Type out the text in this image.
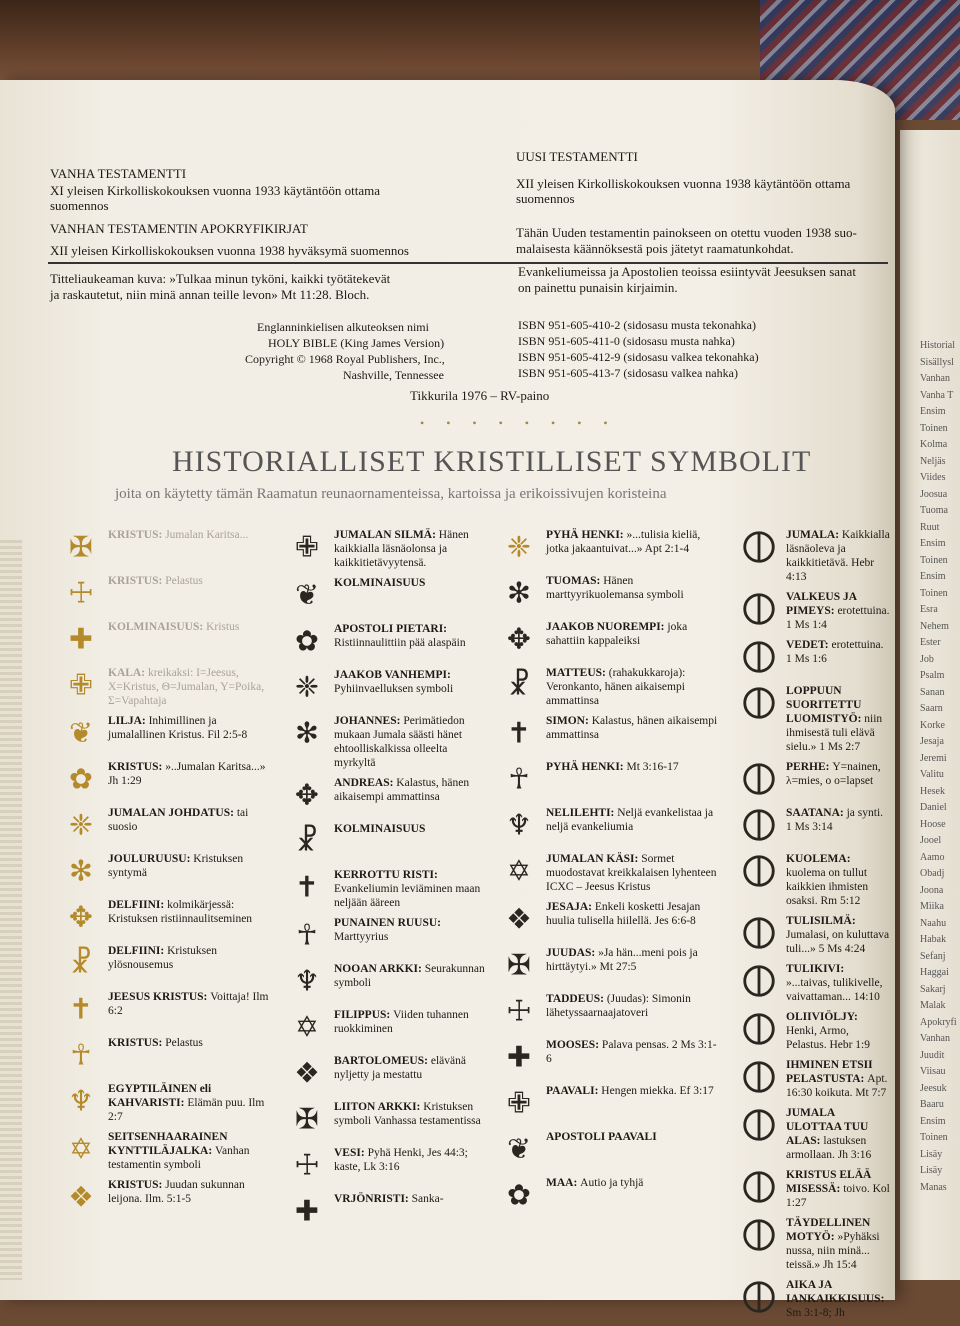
Historial
Sisällysl
Vanhan
Vanha T
Ensim
Toinen
Kolma
Neljäs
Viides
Joosua
Tuoma
Ruut
Ensim
Toinen
Ensim
Toinen
Esra
Nehem
Ester
Job
Psalm
Sanan
Saarn
Korke
Jesaja
Jeremi
Valitu
Hesek
Daniel
Hoose
Jooel
Aamo
Obadj
Joona
Miika
Naahu
Habak
Sefanj
Haggai
Sakarj
Malak
Apokryfi
Vanhan
Juudit
Viisau
Jeesuk
Baaru
Ensim
Toinen
Lisäy
Lisäy
Manas
VANHA TESTAMENTTI
XI yleisen Kirkolliskokouksen vuonna 1933 käytäntöön ottama
suomennos
VANHAN TESTAMENTIN APOKRYFIKIRJAT
XII yleisen Kirkolliskokouksen vuonna 1938 hyväksymä suomennos
UUSI TESTAMENTTI
XII yleisen Kirkolliskokouksen vuonna 1938 käytäntöön ottama
suomennos
Tähän Uuden testamentin painokseen on otettu vuoden 1938 suo-
malaisesta käännöksestä pois jätetyt raamatunkohdat.
Titteliaukeaman kuva: »Tulkaa minun tyköni, kaikki työtätekevät
ja raskautetut, niin minä annan teille levon» Mt 11:28. Bloch.
Englanninkielisen alkuteoksen nimi
HOLY BIBLE (King James Version)
Copyright © 1968 Royal Publishers, Inc.,
Nashville, Tennessee
Evankeliumeissa ja Apostolien teoissa esiintyvät Jeesuksen sanat
on painettu punaisin kirjaimin.
ISBN 951-605-410-2 (sidosasu musta tekonahka)
ISBN 951-605-411-0 (sidosasu musta nahka)
ISBN 951-605-412-9 (sidosasu valkea tekonahka)
ISBN 951-605-413-7 (sidosasu valkea nahka)
Tikkurila 1976 – RV-paino
••••••••
HISTORIALLISET KRISTILLISET SYMBOLIT
joita on käytetty tämän Raamatun reunaornamenteissa, kartoissa ja erikoissivujen koristeina
✠ KRISTUS: Jumalan Karitsa...
☩ KRISTUS: Pelastus
✚ KOLMINAISUUS: Kristus
✙ KALA: kreikaksi: I=Jeesus, X=Kristus, Θ=Jumalan, Y=Poika, Σ=Vapahtaja
❦ LILJA: Inhimillinen ja jumalallinen Kristus. Fil 2:5-8
✿ KRISTUS: »..Jumalan Karitsa...» Jh 1:29
❈ JUMALAN JOHDATUS: tai suosio
✻ JOULURUUSU: Kristuksen syntymä
✥ DELFIINI: kolmikärjessä: Kristuksen ristiinnaulitseminen
☧ DELFIINI: Kristuksen ylösnousemus
✝ JEESUS KRISTUS: Voittaja! Ilm 6:2
☥ KRISTUS: Pelastus
♆ EGYPTILÄINEN eli KAHVARISTI: Elämän puu. Ilm 2:7
✡ SEITSENHAARAINEN KYNTTILÄJALKA: Vanhan testamentin symboli
❖ KRISTUS: Juudan sukunnan leijona. Ilm. 5:1-5
✙ JUMALAN SILMÄ: Hänen kaikkialla läsnäolonsa ja kaikkitietävyytensä.
❦ KOLMINAISUUS
✿ APOSTOLI PIETARI: Ristiinnaulittiin pää alaspäin
❈ JAAKOB VANHEMPI: Pyhiinvaelluksen symboli
✻ JOHANNES: Perimätiedon mukaan Jumala säästi hänet ehtoolliskalkissa olleelta myrkyltä
✥ ANDREAS: Kalastus, hänen aikaisempi ammattinsa
☧ KOLMINAISUUS
✝ KERROTTU RISTI: Evankeliumin leviäminen maan neljään ääreen
☥ PUNAINEN RUUSU: Marttyyrius
♆ NOOAN ARKKI: Seurakunnan symboli
✡ FILIPPUS: Viiden tuhannen ruokkiminen
❖ BARTOLOMEUS: elävänä nyljetty ja mestattu
✠ LIITON ARKKI: Kristuksen symboli Vanhassa testamentissa
☩ VESI: Pyhä Henki, Jes 44:3; kaste, Lk 3:16
✚ VRJÖNRISTI: Sanka-
❈ PYHÄ HENKI: »...tulisia kieliä, jotka jakaantuivat...» Apt 2:1-4
✻ TUOMAS: Hänen marttyyrikuolemansa symboli
✥ JAAKOB NUOREMPI: joka sahattiin kappaleiksi
☧ MATTEUS: (rahakukkaroja): Veronkanto, hänen aikaisempi ammattinsa
✝ SIMON: Kalastus, hänen aikaisempi ammattinsa
☥ PYHÄ HENKI: Mt 3:16-17
♆ NELILEHTI: Neljä evankelistaa ja neljä evankeliumia
✡ JUMALAN KÄSI: Sormet muodostavat kreikkalaisen lyhenteen ICXC – Jeesus Kristus
❖ JESAJA: Enkeli kosketti Jesajan huulia tulisella hiilellä. Jes 6:6-8
✠ JUUDAS: »Ja hän...meni pois ja hirttäytyi.» Mt 27:5
☩ TADDEUS: (Juudas): Simonin lähetyssaarnaajatoveri
✚ MOOSES: Palava pensas. 2 Ms 3:1-6
✙ PAAVALI: Hengen miekka. Ef 3:17
❦ APOSTOLI PAAVALI
✿ MAA: Autio ja tyhjä
JUMALA: Kaikkialla läsnäoleva ja kaikkitietävä. Hebr 4:13
VALKEUS JA PIMEYS: erotettuina. 1 Ms 1:4
VEDET: erotettuina. 1 Ms 1:6
LOPPUUN SUORITETTU LUOMISTYÖ: niin ihmisestä tuli elävä sielu.» 1 Ms 2:7
PERHE: Y=nainen, λ=mies, o o=lapset
SAATANA: ja synti. 1 Ms 3:14
KUOLEMA: kuolema on tullut kaikkien ihmisten osaksi. Rm 5:12
TULISILMÄ: Jumalasi, on kuluttava tuli...» 5 Ms 4:24
TULIKIVI: »...taivas, tulikivelle, vaivattaman... 14:10
OLIIVIÖLJY: Henki, Armo, Pelastus. Hebr 1:9
IHMINEN ETSII PELASTUSTA: Apt. 16:30 koikuta. Mt 7:7
JUMALA ULOTTAA TUU ALAS: lastuksen armollaan. Jh 3:16
KRISTUS ELÄÄ MISESSÄ: toivo. Kol 1:27
TÄYDELLINEN MOTYÖ: »Pyhäksi nussa, niin minä... teissä.» Jh 15:4
AIKA JA IANKAIKKISUUS: Sm 3:1-8; Jh
